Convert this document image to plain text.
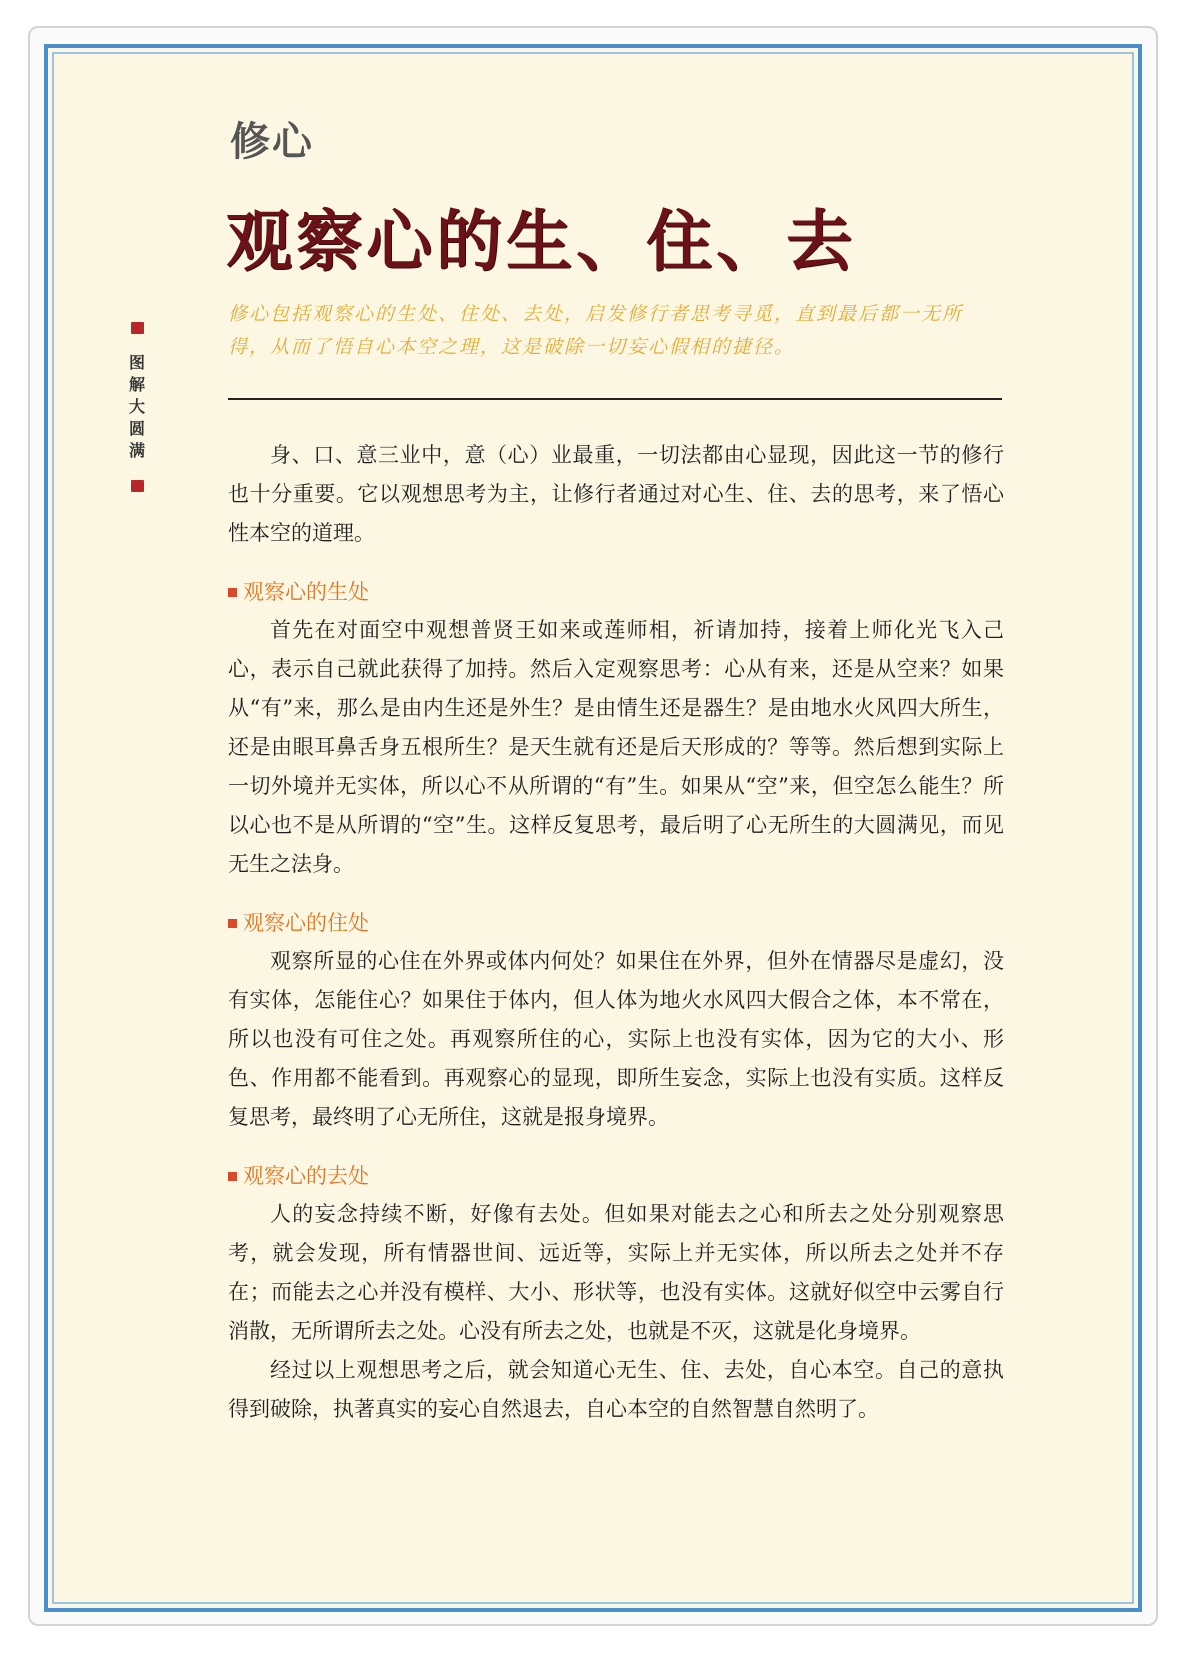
修心
观察心的生、住、去
修心包括观察心的生处、住处、去处，启发修行者思考寻觅，直到最后都一无所得，从而了悟自心本空之理，这是破除一切妄心假相的捷径。
图
解
大
圆
满	身、口、意三业中，意（心）业最重，一切法都由心显现，因此这一节的修行也十分重要。它以观想思考为主，让修行者通过对心生、住、去的思考，来了悟心性本空的道理。

观察心的生处

首先在对面空中观想普贤王如来或莲师相，祈请加持，接着上师化光飞入己心，表示自己就此获得了加持。然后入定观察思考：心从有来，还是从空来？如果从“有”来，那么是由内生还是外生？是由情生还是器生？是由地水火风四大所生，还是由眼耳鼻舌身五根所生？是天生就有还是后天形成的？等等。然后想到实际上一切外境并无实体，所以心不从所谓的“有”生。如果从“空”来，但空怎么能生？所以心也不是从所谓的“空”生。这样反复思考，最后明了心无所生的大圆满见，而见无生之法身。

观察心的住处

观察所显的心住在外界或体内何处？如果住在外界，但外在情器尽是虚幻，没有实体，怎能住心？如果住于体内，但人体为地火水风四大假合之体，本不常在，所以也没有可住之处。再观察所住的心，实际上也没有实体，因为它的大小、形色、作用都不能看到。再观察心的显现，即所生妄念，实际上也没有实质。这样反复思考，最终明了心无所住，这就是报身境界。

观察心的去处

人的妄念持续不断，好像有去处。但如果对能去之心和所去之处分别观察思考，就会发现，所有情器世间、远近等，实际上并无实体，所以所去之处并不存在；而能去之心并没有模样、大小、形状等，也没有实体。这就好似空中云雾自行消散，无所谓所去之处。心没有所去之处，也就是不灭，这就是化身境界。

经过以上观想思考之后，就会知道心无生、住、去处，自心本空。自己的意执得到破除，执著真实的妄心自然退去，自心本空的自然智慧自然明了。
